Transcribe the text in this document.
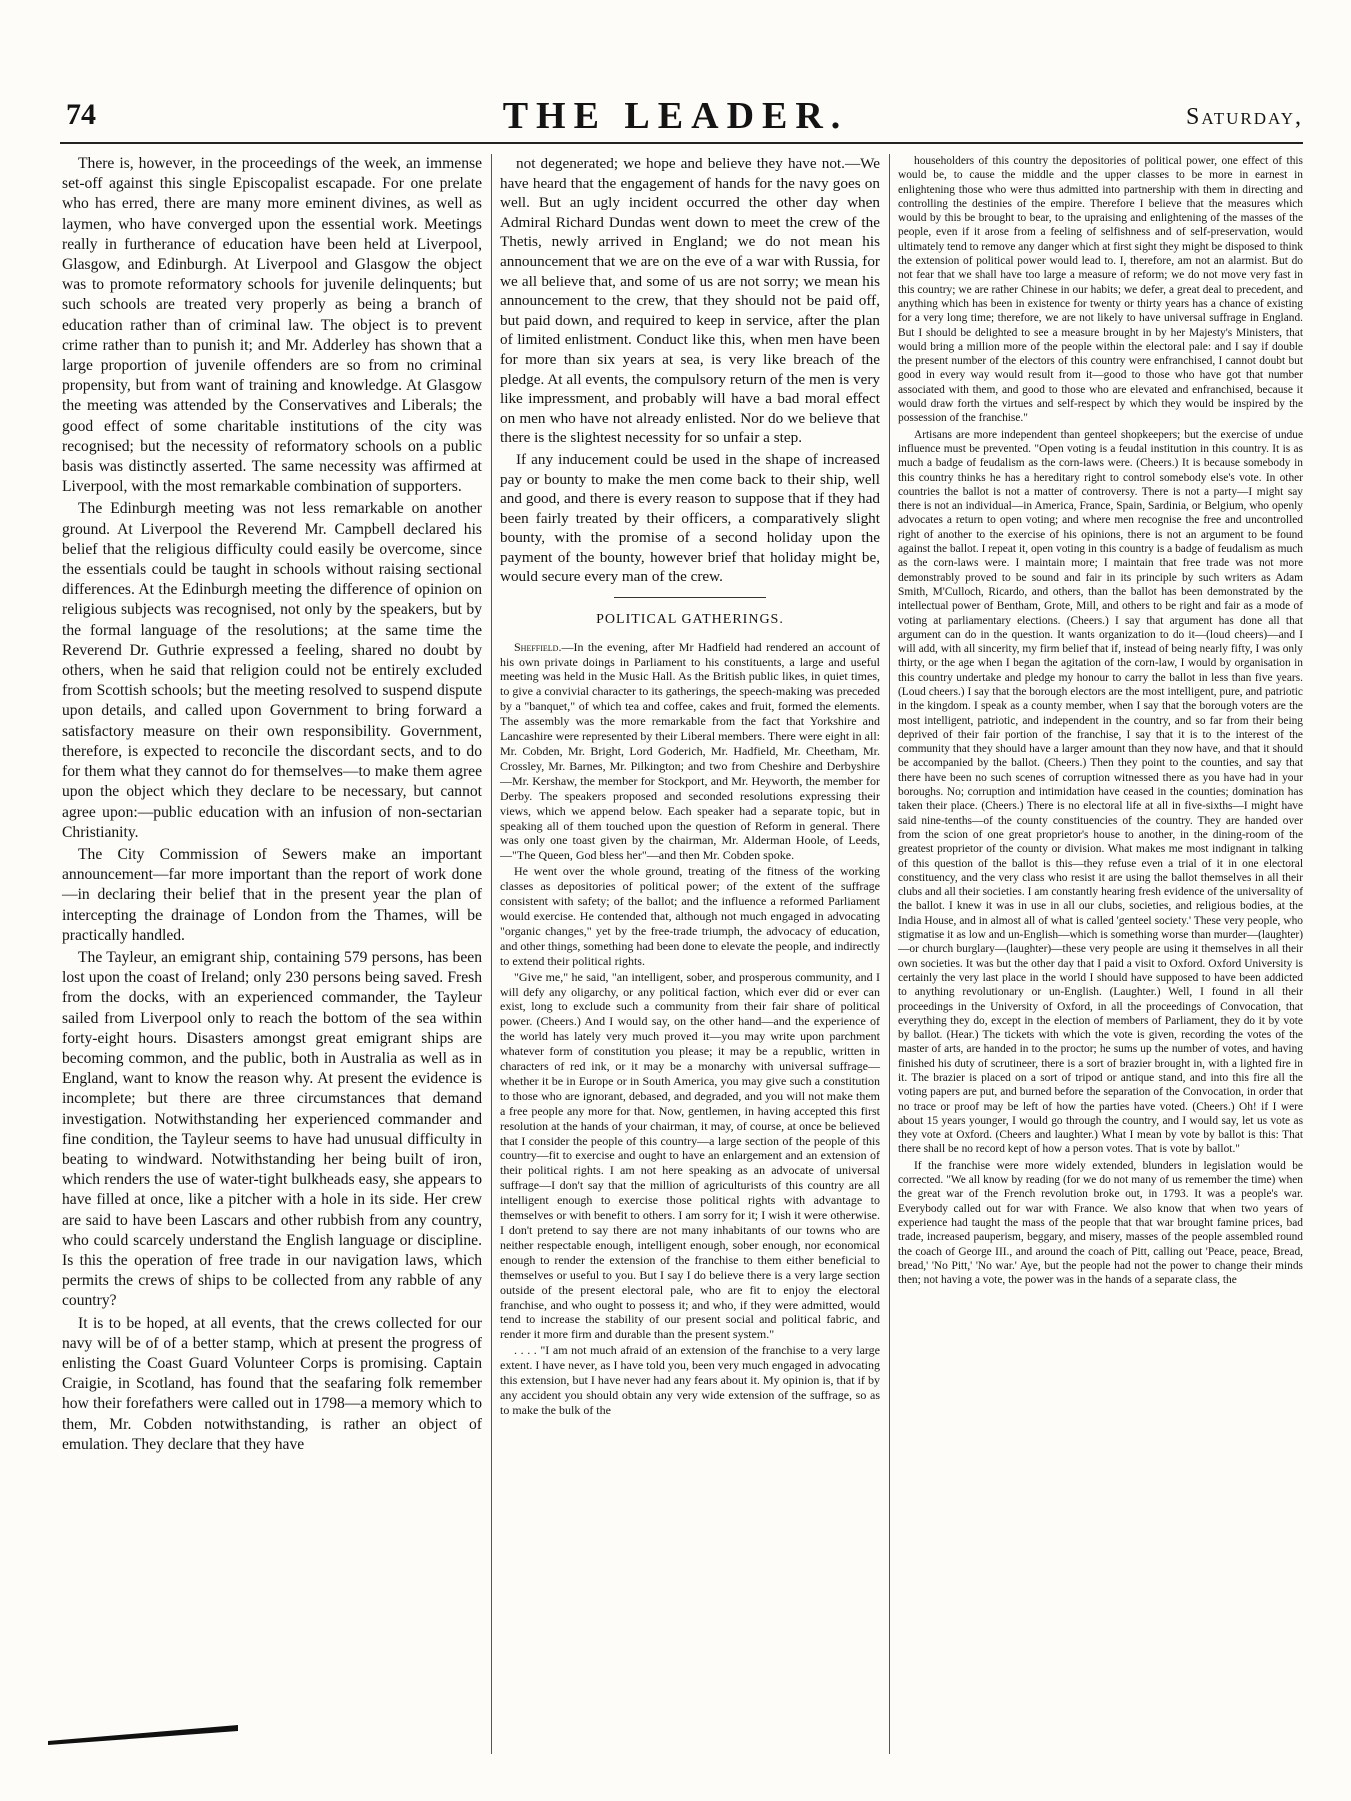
74	THE LEADER.	Saturday,

There is, however, in the proceedings of the week, an immense set-off against this single Episcopalist escapade. For one prelate who has erred, there are many more eminent divines, as well as laymen, who have converged upon the essential work. Meetings really in furtherance of education have been held at Liverpool, Glasgow, and Edinburgh. At Liverpool and Glasgow the object was to promote reformatory schools for juvenile delinquents; but such schools are treated very properly as being a branch of education rather than of criminal law. The object is to prevent crime rather than to punish it; and Mr. Adderley has shown that a large proportion of juvenile offenders are so from no criminal propensity, but from want of training and knowledge. At Glasgow the meeting was attended by the Conservatives and Liberals; the good effect of some charitable institutions of the city was recognised; but the necessity of reformatory schools on a public basis was distinctly asserted. The same necessity was affirmed at Liverpool, with the most remarkable combination of supporters.

The Edinburgh meeting was not less remarkable on another ground. At Liverpool the Reverend Mr. Campbell declared his belief that the religious difficulty could easily be overcome, since the essentials could be taught in schools without raising sectional differences. At the Edinburgh meeting the difference of opinion on religious subjects was recognised, not only by the speakers, but by the formal language of the resolutions; at the same time the Reverend Dr. Guthrie expressed a feeling, shared no doubt by others, when he said that religion could not be entirely excluded from Scottish schools; but the meeting resolved to suspend dispute upon details, and called upon Government to bring forward a satisfactory measure on their own responsibility. Government, therefore, is expected to reconcile the discordant sects, and to do for them what they cannot do for themselves—to make them agree upon the object which they declare to be necessary, but cannot agree upon:—public education with an infusion of non-sectarian Christianity.

The City Commission of Sewers make an important announcement—far more important than the report of work done—in declaring their belief that in the present year the plan of intercepting the drainage of London from the Thames, will be practically handled.

The Tayleur, an emigrant ship, containing 579 persons, has been lost upon the coast of Ireland; only 230 persons being saved. Fresh from the docks, with an experienced commander, the Tayleur sailed from Liverpool only to reach the bottom of the sea within forty-eight hours. Disasters amongst great emigrant ships are becoming common, and the public, both in Australia as well as in England, want to know the reason why. At present the evidence is incomplete; but there are three circumstances that demand investigation. Notwithstanding her experienced commander and fine condition, the Tayleur seems to have had unusual difficulty in beating to windward. Notwithstanding her being built of iron, which renders the use of water-tight bulkheads easy, she appears to have filled at once, like a pitcher with a hole in its side. Her crew are said to have been Lascars and other rubbish from any country, who could scarcely understand the English language or discipline. Is this the operation of free trade in our navigation laws, which permits the crews of ships to be collected from any rabble of any country?

It is to be hoped, at all events, that the crews collected for our navy will be of of a better stamp, which at present the progress of enlisting the Coast Guard Volunteer Corps is promising. Captain Craigie, in Scotland, has found that the seafaring folk remember how their forefathers were called out in 1798—a memory which to them, Mr. Cobden notwithstanding, is rather an object of emulation. They declare that they have

not degenerated; we hope and believe they have not.—We have heard that the engagement of hands for the navy goes on well. But an ugly incident occurred the other day when Admiral Richard Dundas went down to meet the crew of the Thetis, newly arrived in England; we do not mean his announcement that we are on the eve of a war with Russia, for we all believe that, and some of us are not sorry; we mean his announcement to the crew, that they should not be paid off, but paid down, and required to keep in service, after the plan of limited enlistment. Conduct like this, when men have been for more than six years at sea, is very like breach of the pledge. At all events, the compulsory return of the men is very like impressment, and probably will have a bad moral effect on men who have not already enlisted. Nor do we believe that there is the slightest necessity for so unfair a step.

If any inducement could be used in the shape of increased pay or bounty to make the men come back to their ship, well and good, and there is every reason to suppose that if they had been fairly treated by their officers, a comparatively slight bounty, with the promise of a second holiday upon the payment of the bounty, however brief that holiday might be, would secure every man of the crew.

POLITICAL GATHERINGS.

Sheffield.—In the evening, after Mr Hadfield had rendered an account of his own private doings in Parliament to his constituents, a large and useful meeting was held in the Music Hall. As the British public likes, in quiet times, to give a convivial character to its gatherings, the speech-making was preceded by a "banquet," of which tea and coffee, cakes and fruit, formed the elements. The assembly was the more remarkable from the fact that Yorkshire and Lancashire were represented by their Liberal members. There were eight in all: Mr. Cobden, Mr. Bright, Lord Goderich, Mr. Hadfield, Mr. Cheetham, Mr. Crossley, Mr. Barnes, Mr. Pilkington; and two from Cheshire and Derbyshire—Mr. Kershaw, the member for Stockport, and Mr. Heyworth, the member for Derby. The speakers proposed and seconded resolutions expressing their views, which we append below. Each speaker had a separate topic, but in speaking all of them touched upon the question of Reform in general. There was only one toast given by the chairman, Mr. Alderman Hoole, of Leeds,—"The Queen, God bless her"—and then Mr. Cobden spoke.

He went over the whole ground, treating of the fitness of the working classes as depositories of political power; of the extent of the suffrage consistent with safety; of the ballot; and the influence a reformed Parliament would exercise. He contended that, although not much engaged in advocating "organic changes," yet by the free-trade triumph, the advocacy of education, and other things, something had been done to elevate the people, and indirectly to extend their political rights.

"Give me," he said, "an intelligent, sober, and prosperous community, and I will defy any oligarchy, or any political faction, which ever did or ever can exist, long to exclude such a community from their fair share of political power. (Cheers.) And I would say, on the other hand—and the experience of the world has lately very much proved it—you may write upon parchment whatever form of constitution you please; it may be a republic, written in characters of red ink, or it may be a monarchy with universal suffrage—whether it be in Europe or in South America, you may give such a constitution to those who are ignorant, debased, and degraded, and you will not make them a free people any more for that. Now, gentlemen, in having accepted this first resolution at the hands of your chairman, it may, of course, at once be believed that I consider the people of this country—a large section of the people of this country—fit to exercise and ought to have an enlargement and an extension of their political rights. I am not here speaking as an advocate of universal suffrage—I don't say that the million of agriculturists of this country are all intelligent enough to exercise those political rights with advantage to themselves or with benefit to others. I am sorry for it; I wish it were otherwise. I don't pretend to say there are not many inhabitants of our towns who are neither respectable enough, intelligent enough, sober enough, nor economical enough to render the extension of the franchise to them either beneficial to themselves or useful to you. But I say I do believe there is a very large section outside of the present electoral pale, who are fit to enjoy the electoral franchise, and who ought to possess it; and who, if they were admitted, would tend to increase the stability of our present social and political fabric, and render it more firm and durable than the present system."

. . . . "I am not much afraid of an extension of the franchise to a very large extent. I have never, as I have told you, been very much engaged in advocating this extension, but I have never had any fears about it. My opinion is, that if by any accident you should obtain any very wide extension of the suffrage, so as to make the bulk of the

householders of this country the depositories of political power, one effect of this would be, to cause the middle and the upper classes to be more in earnest in enlightening those who were thus admitted into partnership with them in directing and controlling the destinies of the empire. Therefore I believe that the measures which would by this be brought to bear, to the upraising and enlightening of the masses of the people, even if it arose from a feeling of selfishness and of self-preservation, would ultimately tend to remove any danger which at first sight they might be disposed to think the extension of political power would lead to. I, therefore, am not an alarmist. But do not fear that we shall have too large a measure of reform; we do not move very fast in this country; we are rather Chinese in our habits; we defer, a great deal to precedent, and anything which has been in existence for twenty or thirty years has a chance of existing for a very long time; therefore, we are not likely to have universal suffrage in England. But I should be delighted to see a measure brought in by her Majesty's Ministers, that would bring a million more of the people within the electoral pale: and I say if double the present number of the electors of this country were enfranchised, I cannot doubt but good in every way would result from it—good to those who have got that number associated with them, and good to those who are elevated and enfranchised, because it would draw forth the virtues and self-respect by which they would be inspired by the possession of the franchise."

Artisans are more independent than genteel shopkeepers; but the exercise of undue influence must be prevented. "Open voting is a feudal institution in this country. It is as much a badge of feudalism as the corn-laws were. (Cheers.) It is because somebody in this country thinks he has a hereditary right to control somebody else's vote. In other countries the ballot is not a matter of controversy. There is not a party—I might say there is not an individual—in America, France, Spain, Sardinia, or Belgium, who openly advocates a return to open voting; and where men recognise the free and uncontrolled right of another to the exercise of his opinions, there is not an argument to be found against the ballot. I repeat it, open voting in this country is a badge of feudalism as much as the corn-laws were. I maintain more; I maintain that free trade was not more demonstrably proved to be sound and fair in its principle by such writers as Adam Smith, M'Culloch, Ricardo, and others, than the ballot has been demonstrated by the intellectual power of Bentham, Grote, Mill, and others to be right and fair as a mode of voting at parliamentary elections. (Cheers.) I say that argument has done all that argument can do in the question. It wants organization to do it—(loud cheers)—and I will add, with all sincerity, my firm belief that if, instead of being nearly fifty, I was only thirty, or the age when I began the agitation of the corn-law, I would by organisation in this country undertake and pledge my honour to carry the ballot in less than five years. (Loud cheers.) I say that the borough electors are the most intelligent, pure, and patriotic in the kingdom. I speak as a county member, when I say that the borough voters are the most intelligent, patriotic, and independent in the country, and so far from their being deprived of their fair portion of the franchise, I say that it is to the interest of the community that they should have a larger amount than they now have, and that it should be accompanied by the ballot. (Cheers.) Then they point to the counties, and say that there have been no such scenes of corruption witnessed there as you have had in your boroughs. No; corruption and intimidation have ceased in the counties; domination has taken their place. (Cheers.) There is no electoral life at all in five-sixths—I might have said nine-tenths—of the county constituencies of the country. They are handed over from the scion of one great proprietor's house to another, in the dining-room of the greatest proprietor of the county or division. What makes me most indignant in talking of this question of the ballot is this—they refuse even a trial of it in one electoral constituency, and the very class who resist it are using the ballot themselves in all their clubs and all their societies. I am constantly hearing fresh evidence of the universality of the ballot. I knew it was in use in all our clubs, societies, and religious bodies, at the India House, and in almost all of what is called 'genteel society.' These very people, who stigmatise it as low and un-English—which is something worse than murder—(laughter)—or church burglary—(laughter)—these very people are using it themselves in all their own societies. It was but the other day that I paid a visit to Oxford. Oxford University is certainly the very last place in the world I should have supposed to have been addicted to anything revolutionary or un-English. (Laughter.) Well, I found in all their proceedings in the University of Oxford, in all the proceedings of Convocation, that everything they do, except in the election of members of Parliament, they do it by vote by ballot. (Hear.) The tickets with which the vote is given, recording the votes of the master of arts, are handed in to the proctor; he sums up the number of votes, and having finished his duty of scrutineer, there is a sort of brazier brought in, with a lighted fire in it. The brazier is placed on a sort of tripod or antique stand, and into this fire all the voting papers are put, and burned before the separation of the Convocation, in order that no trace or proof may be left of how the parties have voted. (Cheers.) Oh! if I were about 15 years younger, I would go through the country, and I would say, let us vote as they vote at Oxford. (Cheers and laughter.) What I mean by vote by ballot is this: That there shall be no record kept of how a person votes. That is vote by ballot."

If the franchise were more widely extended, blunders in legislation would be corrected. "We all know by reading (for we do not many of us remember the time) when the great war of the French revolution broke out, in 1793. It was a people's war. Everybody called out for war with France. We also know that when two years of experience had taught the mass of the people that that war brought famine prices, bad trade, increased pauperism, beggary, and misery, masses of the people assembled round the coach of George III., and around the coach of Pitt, calling out 'Peace, peace, Bread, bread,' 'No Pitt,' 'No war.' Aye, but the people had not the power to change their minds then; not having a vote, the power was in the hands of a separate class, the
